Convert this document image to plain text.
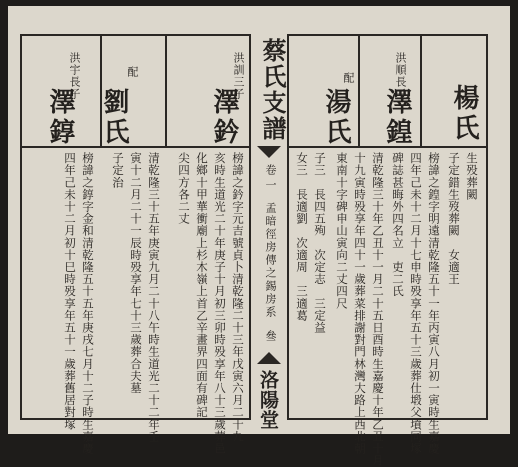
蔡氏支譜
卷一
孟暗徑房傳之錫房系
叄
洛陽堂
楊氏
洪順長子
澤鍠
配
湯氏
生殁葬闕
子定錯生歿葬闕　女適王
榜諱之鍠字明遠清乾隆五十一年丙寅八月初一寅時生嘉慶
四年己未十二月十七申時殁享年五十三歲葬仕塅父墳同塚
碑誌甚晦外四名立　吏二氏
清乾隆三十年乙丑十一月二十五日酉時生嘉慶十年乙丑十月
十九寅時殁享年四十一歲葬菜排謝對門林灣大路上西北朝
東南十字碑申山寅向二丈四尺
子三　長四五殉　次定志　三定益
女三　長適劉　次適周　三適葛
洪訓三子
澤鈐
配
劉氏
洪宇長子
澤錞
榜諱之鈐字元吉號貞卜清乾隆二十三年戊寅六月二十九
亥時生道光二十年庚子十月初三卯時殁享年八十三歲葬邑
化鄉十甲華衝廟上杉木嶺上首乙辛畫界四面有碑記
尖四方各二丈
清乾隆三十五年庚寅九月二十八午時生道光二十二年壬
寅十二月二十一辰時殁享年七十三歲葬合夫墓
子定治
榜諱之錞字金和清乾隆五十五年庚戌七月十二子時生嘉慶
四年己未十二月初十巳時殁享年五十一歲葬舊居對塚
